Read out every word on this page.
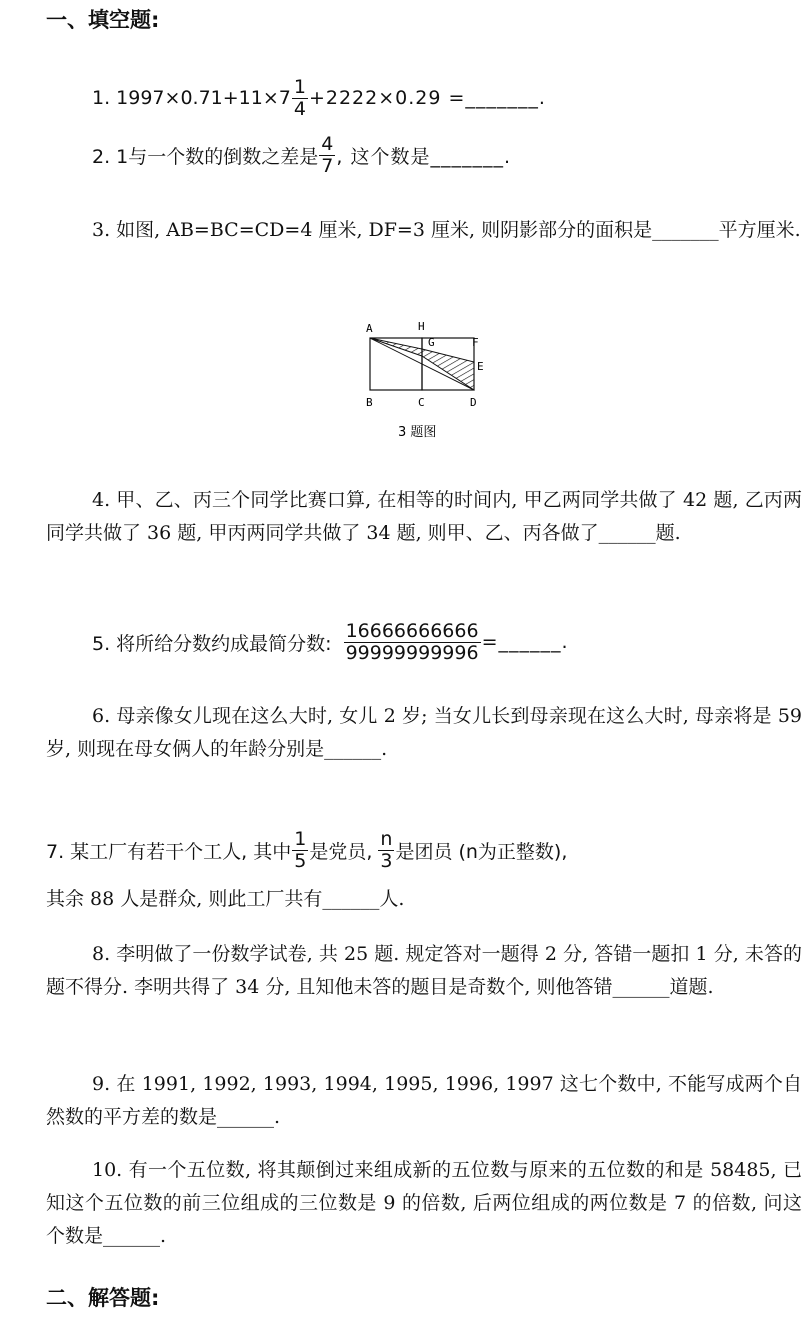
一、填空题:
1. $1997\times 0.71+11\times 7 \frac{1}{4} +2222\times 0.29$ =_______.
2. 1与一个数的倒数之差是 $\frac{4}{7}$ , 这个数是_______.
3. 如图, AB=BC=CD=4 厘米, DF=3 厘米, 则阴影部分的面积是_______平方厘米.
A	H
G	F
E
B	C	D
3 题图
4. 甲、乙、丙三个同学比赛口算, 在相等的时间内, 甲乙两同学共做了 42 题, 乙丙两同学共做了 36 题, 甲丙两同学共做了 34 题, 则甲、乙、丙各做了______题.
5. 将所给分数约成最简分数: $\frac{16666666666}{99999999996}$ =______.
6. 母亲像女儿现在这么大时, 女儿 2 岁; 当女儿长到母亲现在这么大时, 母亲将是 59 岁, 则现在母女俩人的年龄分别是______.
7. 某工厂有若干个工人, 其中 $\frac{1}{5}$ 是党员, $\frac{n}{3}$ 是团员 (n为正整数),
其余 88 人是群众, 则此工厂共有______人.
8. 李明做了一份数学试卷, 共 25 题. 规定答对一题得 2 分, 答错一题扣 1 分, 未答的题不得分. 李明共得了 34 分, 且知他未答的题目是奇数个, 则他答错______道题.
9. 在 1991, 1992, 1993, 1994, 1995, 1996, 1997 这七个数中, 不能写成两个自然数的平方差的数是______.
10. 有一个五位数, 将其颠倒过来组成新的五位数与原来的五位数的和是 58485, 已知这个五位数的前三位组成的三位数是 9 的倍数, 后两位组成的两位数是 7 的倍数, 问这个数是______.
二、解答题:
